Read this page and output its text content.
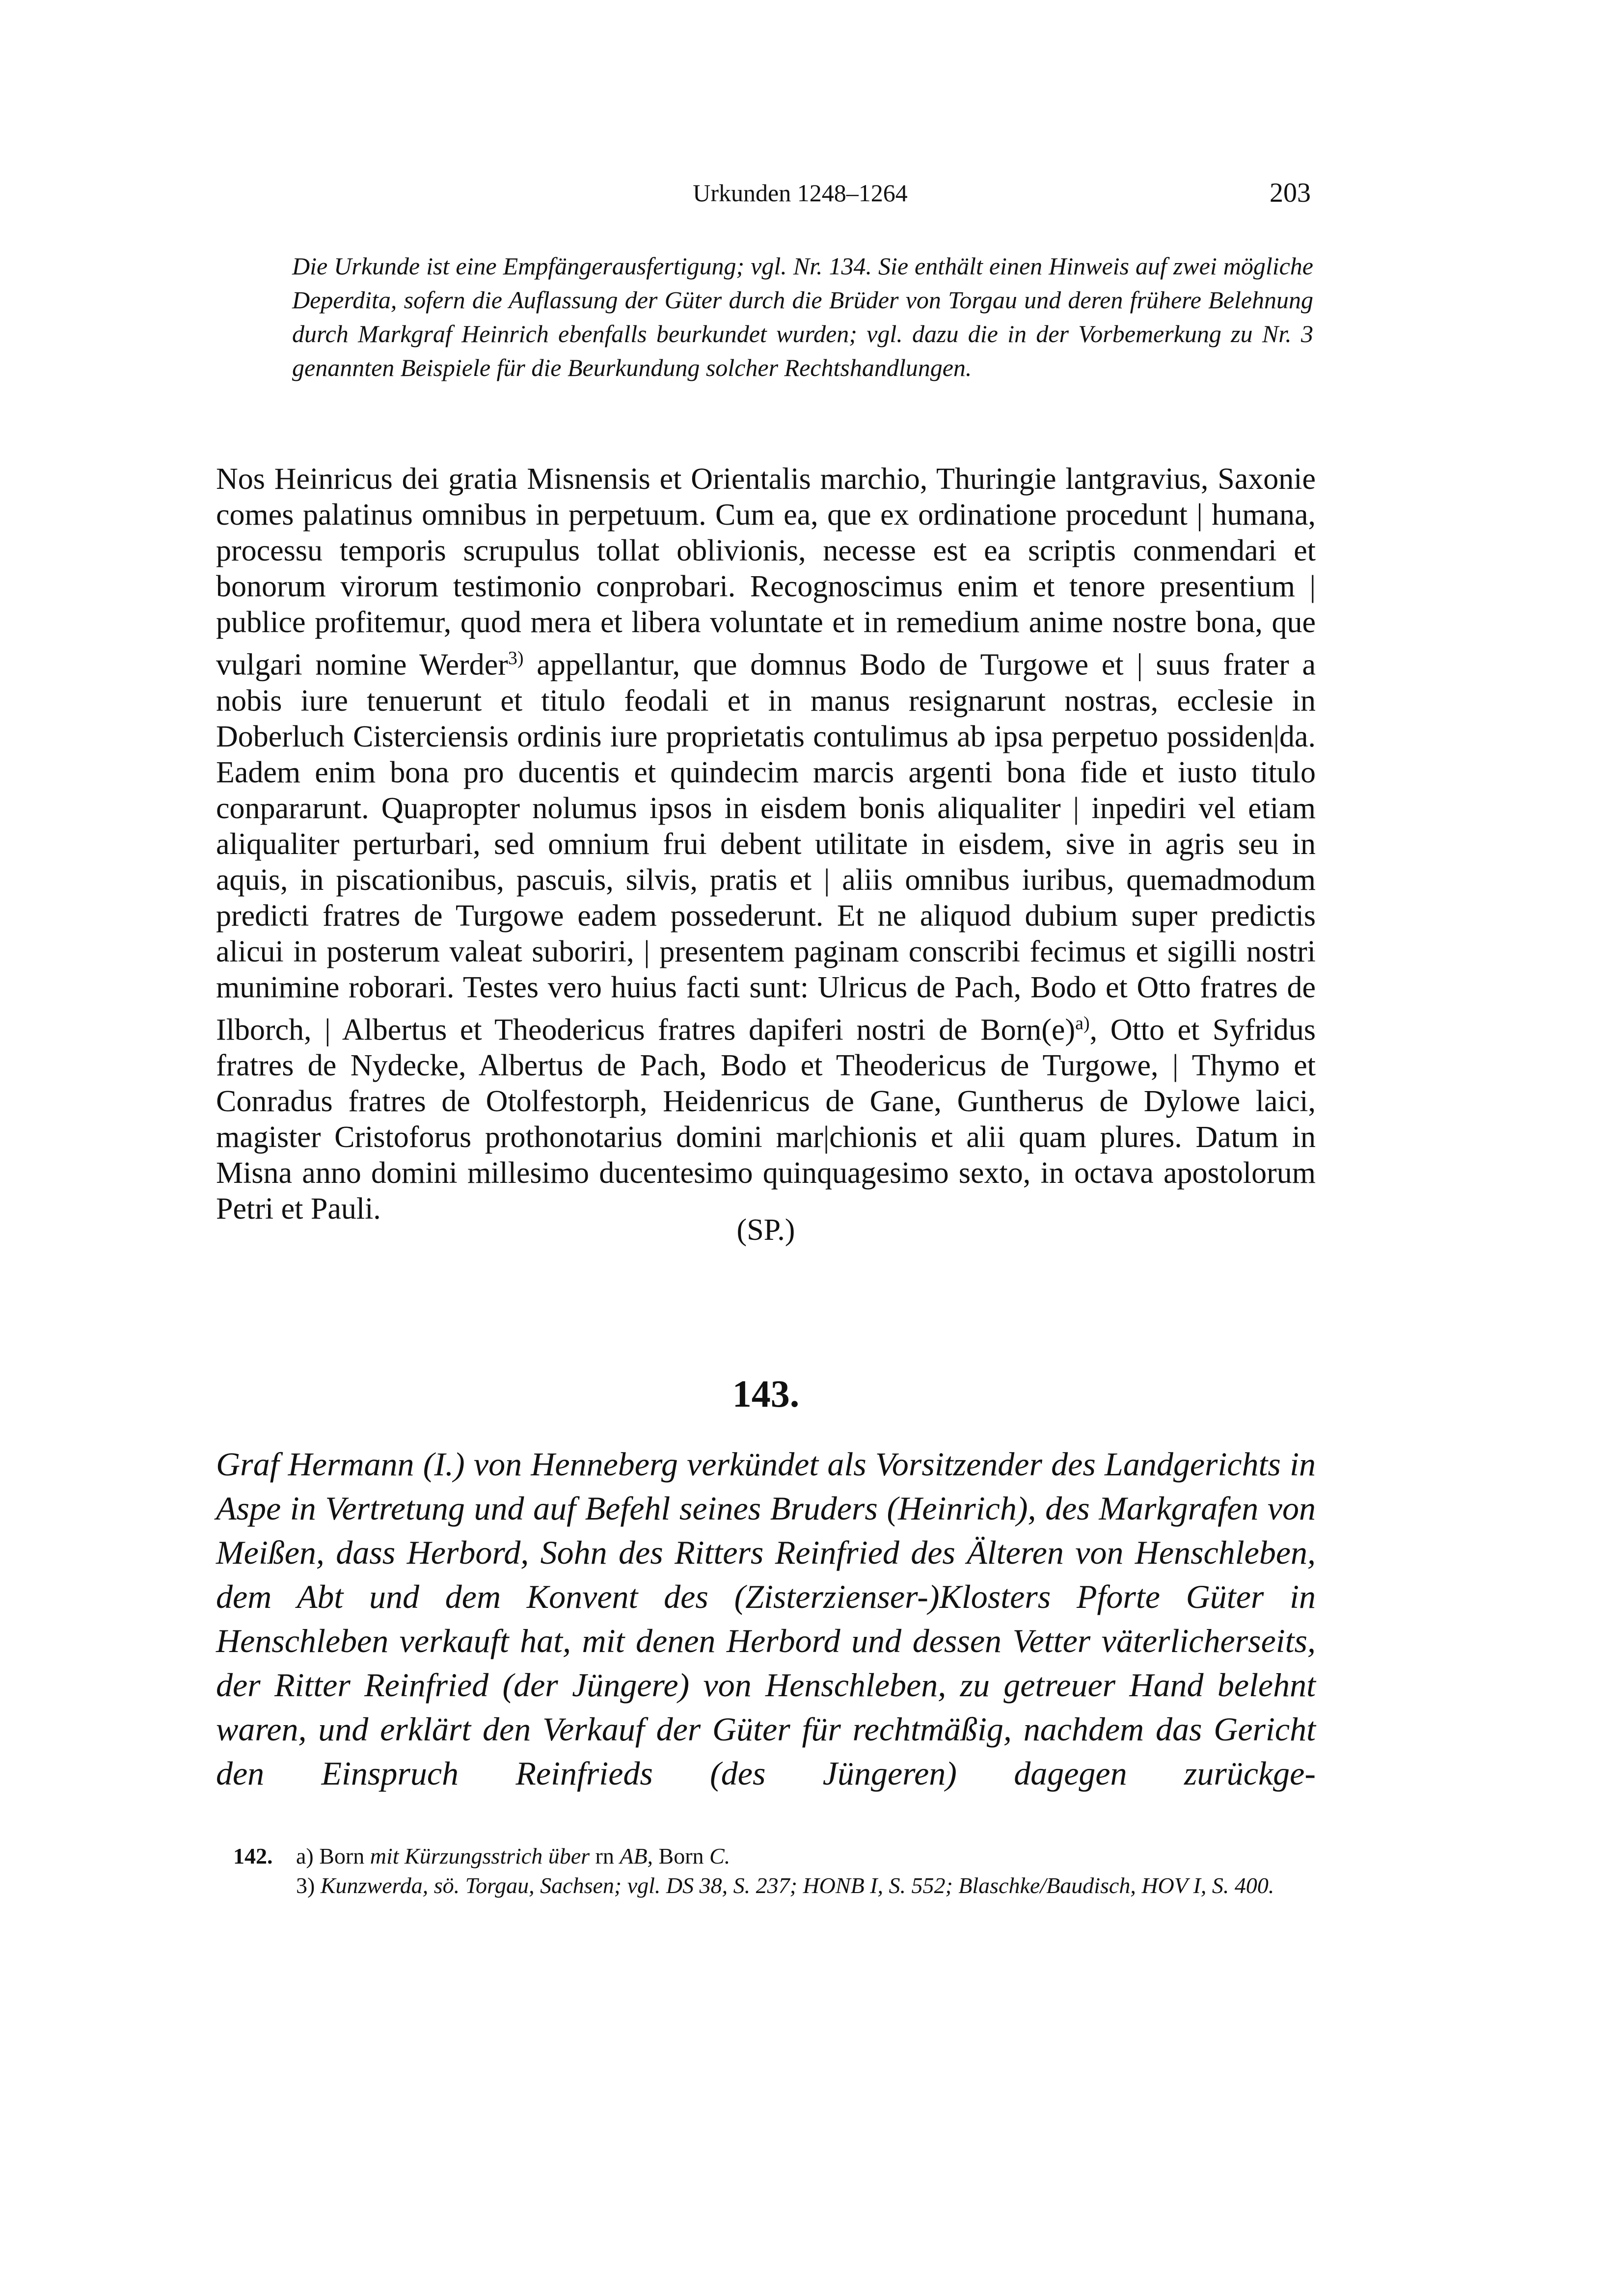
Urkunden 1248–1264	203

Die Urkunde ist eine Empfängerausfertigung; vgl. Nr. 134. Sie enthält einen Hinweis auf zwei mögliche Deperdita, sofern die Auflassung der Güter durch die Brüder von Torgau und deren frühere Belehnung durch Markgraf Heinrich ebenfalls beurkundet wurden; vgl. dazu die in der Vorbemerkung zu Nr. 3 genannten Beispiele für die Beurkundung solcher Rechtshandlungen.

Nos Heinricus dei gratia Misnensis et Orientalis marchio, Thuringie lantgravius, Saxonie comes palatinus omnibus in perpetuum. Cum ea, que ex ordinatione procedunt | humana, processu temporis scrupulus tollat oblivionis, necesse est ea scriptis conmendari et bonorum virorum testimonio conprobari. Recognoscimus enim et tenore presentium | publice profitemur, quod mera et libera voluntate et in remedium anime nostre bona, que vulgari nomine Werder$^{3)}$ appellantur, que domnus Bodo de Turgowe et | suus frater a nobis iure tenuerunt et titulo feodali et in manus resignarunt nostras, ecclesie in Doberluch Cisterciensis ordinis iure proprietatis contulimus ab ipsa perpetuo possiden|da. Eadem enim bona pro ducentis et quindecim marcis argenti bona fide et iusto titulo conpararunt. Quapropter nolumus ipsos in eisdem bonis aliqualiter | inpediri vel etiam aliqualiter perturbari, sed omnium frui debent utilitate in eisdem, sive in agris seu in aquis, in piscationibus, pascuis, silvis, pratis et | aliis omnibus iuribus, quemadmodum predicti fratres de Turgowe eadem possederunt. Et ne aliquod dubium super predictis alicui in posterum valeat suboriri, | presentem paginam conscribi fecimus et sigilli nostri munimine roborari. Testes vero huius facti sunt: Ulricus de Pach, Bodo et Otto fratres de Ilborch, | Albertus et Theodericus fratres dapiferi nostri de $Born(e)^{a)}$, Otto et Syfridus fratres de Nydecke, Albertus de Pach, Bodo et Theodericus de Turgowe, | Thymo et Conradus fratres de Otolfestorph, Heidenricus de Gane, Guntherus de Dylowe laici, magister Cristoforus prothonotarius domini mar|chionis et alii quam plures. Datum in Misna anno domini millesimo ducentesimo quinquagesimo sexto, in octava apostolorum Petri et Pauli.

(SP.)
143.

Graf Hermann (I.) von Henneberg verkündet als Vorsitzender des Landgerichts in Aspe in Vertretung und auf Befehl seines Bruders (Heinrich), des Markgrafen von Meißen, dass Herbord, Sohn des Ritters Reinfried des Älteren von Henschleben, dem Abt und dem Konvent des (Zisterzienser-)Klosters Pforte Güter in Henschleben verkauft hat, mit denen Herbord und dessen Vetter väterlicherseits, der Ritter Reinfried (der Jüngere) von Henschleben, zu getreuer Hand belehnt waren, und erklärt den Verkauf der Güter für rechtmäßig, nachdem das Gericht den Einspruch Reinfrieds (des Jüngeren) dagegen zurückge-

142.	a) Born mit Kürzungsstrich über rn AB, Born C.
3) Kunzwerda, sö. Torgau, Sachsen; vgl. DS 38, S. 237; HONB I, S. 552; Blaschke/Baudisch, HOV I, S. 400.
